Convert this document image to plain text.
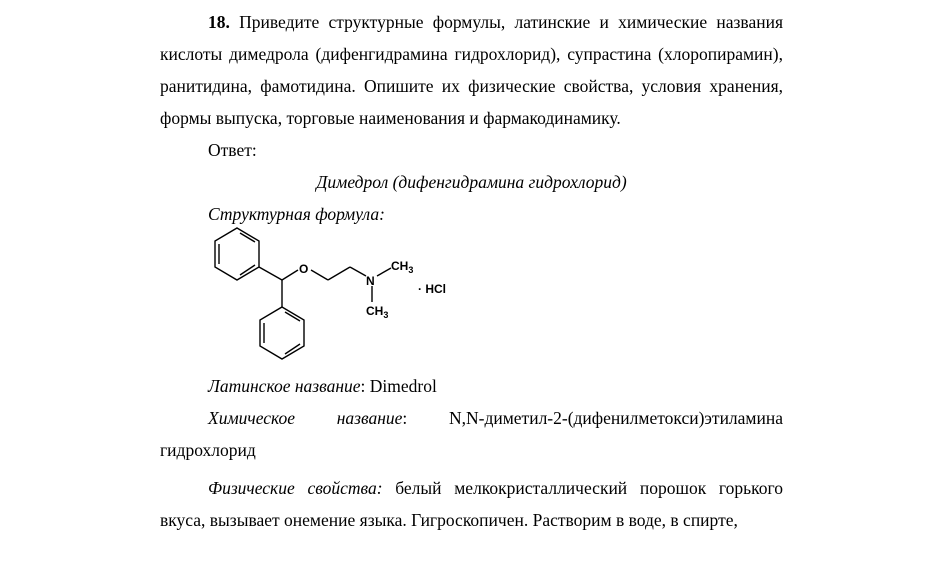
18. Приведите структурные формулы, латинские и химические названия кислоты димедрола (дифенгидрамина гидрохлорид), супрастина (хлоропирамин), ранитидина, фамотидина. Опишите их физические свойства, условия хранения, формы выпуска, торговые наименования и фармакодинамику.

Ответ:

Димедрол (дифенгидрамина гидрохлорид)

Структурная формула:

O
N
$CH_3$
$CH_3$
· HCl

Латинское название: Dimedrol

Химическое название: N,N-диметил-2-(дифенилметокси)этиламина гидрохлорид

Физические свойства: белый мелкокристаллический порошок горького вкуса, вызывает онемение языка. Гигроскопичен. Растворим в воде, в спирте,
